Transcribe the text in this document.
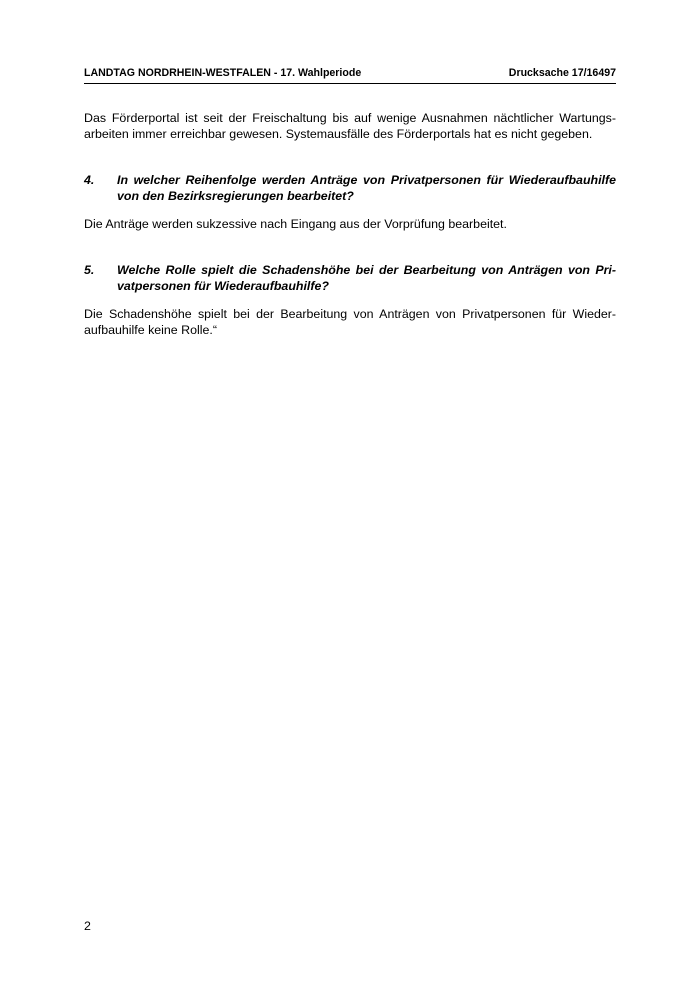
LANDTAG NORDRHEIN-WESTFALEN - 17. Wahlperiode	Drucksache 17/16497
Das Förderportal ist seit der Freischaltung bis auf wenige Ausnahmen nächtlicher Wartungs-
arbeiten immer erreichbar gewesen. Systemausfälle des Förderportals hat es nicht gegeben.
4. In welcher Reihenfolge werden Anträge von Privatpersonen für Wiederaufbauhilfe
von den Bezirksregierungen bearbeitet?
Die Anträge werden sukzessive nach Eingang aus der Vorprüfung bearbeitet.
5. Welche Rolle spielt die Schadenshöhe bei der Bearbeitung von Anträgen von Pri-
vatpersonen für Wiederaufbauhilfe?
Die Schadenshöhe spielt bei der Bearbeitung von Anträgen von Privatpersonen für Wieder-
aufbauhilfe keine Rolle.“
2
